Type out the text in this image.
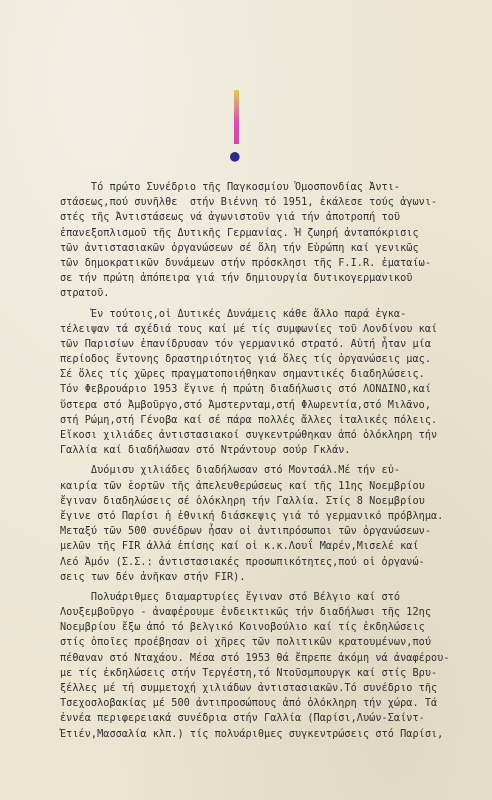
●
Τό πρώτο Συνέδριο τῆς Παγκοσμίου Ὁμοσπονδίας Ἀντι-
στάσεως,πού συνῆλθε  στήν Βιέννη τό 1951, ἐκάλεσε τούς ἀγωνι-
στές τῆς Ἀντιστάσεως νά ἀγωνιστοῦν γιά τήν ἀποτροπή τοῦ
ἐπανεξοπλισμοῦ τῆς Δυτικῆς Γερμανίας. Ἡ ζωηρή ἀνταπόκρισις
τῶν ἀντιστασιακῶν ὀργανώσεων σέ ὅλη τήν Εὐρώπη καί γενικῶς
τῶν δημοκρατικῶν δυνάμεων στήν πρόσκλησι τῆς F.I.R. ἐματαίω-
σε τήν πρώτη ἀπόπειρα γιά τήν δημιουργία δυτικογερμανικοῦ
στρατοῦ.
Ἐν τούτοις,οἱ Δυτικές Δυνάμεις κάθε ἄλλο παρά ἐγκα-
τέλειψαν τά σχέδιά τους καί μέ τίς συμφωνίες τοῦ Λονδίνου καί
τῶν Παρισίων ἐπανίδρυσαν τόν γερμανικό στρατό. Αὐτή ἦταν μία
περίοδος ἔντονης δραστηριότητος γιά ὅλες τίς ὀργανώσεις μας.
Σέ ὅλες τίς χῶρες πραγματοποιήθηκαν σημαντικές διαδηλώσεις.
Τόν Φεβρουάριο 1953 ἔγινε ἡ πρώτη διαδήλωσις στό ΛΟΝΔΙΝΟ,καί
ὕστερα στό Ἀμβοῦργο,στό Ἀμστερνταμ,στή Φλωρεντία,στό Μιλᾶνο,
στή Ρώμη,στή Γένοβα καί σέ πάρα πολλές ἄλλες ἰταλικές πόλεις.
Εἴκοσι χιλιάδες ἀντιστασιακοί συγκεντρώθηκαν ἀπό ὁλόκληρη τήν
Γαλλία καί διαδήλωσαν στό Ντράντουρ σούρ Γκλάν.
Δυόμισυ χιλιάδες διαδήλωσαν στό Μοντσάλ.Μέ τήν εὐ-
καιρία τῶν ἑορτῶν τῆς ἀπελευθερώσεως καί τῆς 11ης Νοεμβρίου
ἔγιναν διαδηλώσεις σέ ὁλόκληρη τήν Γαλλία. Στίς 8 Νοεμβρίου
ἔγινε στό Παρίσι ἡ ἐθνική διάσκεψις γιά τό γερμανικό πρόβλημα.
Μεταξύ τῶν 500 συνέδρων ἦσαν οἱ ἀντιπρόσωποι τῶν ὀργανώσεων-
μελῶν τῆς FIR ἀλλά ἐπίσης καί οἱ κ.κ.Λουΐ Μαρέν,Μισελέ καί
Λεό Ἀμόν (Σ.Σ.: ἀντιστασιακές προσωπικότητες,πού οἱ ὀργανώ-
σεις των δέν ἀνῆκαν στήν FIR).
Πολυάριθμες διαμαρτυρίες ἔγιναν στό Βέλγιο καί στό
Λουξεμβοῦργο - ἀναφέρουμε ἐνδεικτικῶς τήν διαδήλωσι τῆς 12ης
Νοεμβρίου ἔξω ἀπό τό βελγικό Κοινοβούλιο καί τίς ἐκδηλώσεις
στίς ὁποῖες προέβησαν οἱ χῆρες τῶν πολιτικῶν κρατουμένων,πού
πέθαναν στό Νταχάου. Μέσα στό 1953 θά ἔπρεπε ἀκόμη νά ἀναφέρου-
με τίς ἐκδηλώσεις στήν Τεργέστη,τό Ντοῦσμπουργκ καί στίς Βρυ-
ξέλλες μέ τή συμμετοχή χιλιάδων ἀντιστασιακῶν.Τό συνέδριο τῆς
Τσεχοσλοβακίας μέ 500 ἀντιπροσώπους ἀπό ὁλόκληρη τήν χώρα. Τά
ἐννέα περιφερειακά συνέδρια στήν Γαλλία (Παρίσι,Λυών-Σαίντ-
Ἐτιέν,Μασσαλία κλπ.) τίς πολυάριθμες συγκεντρώσεις στό Παρίσι,
